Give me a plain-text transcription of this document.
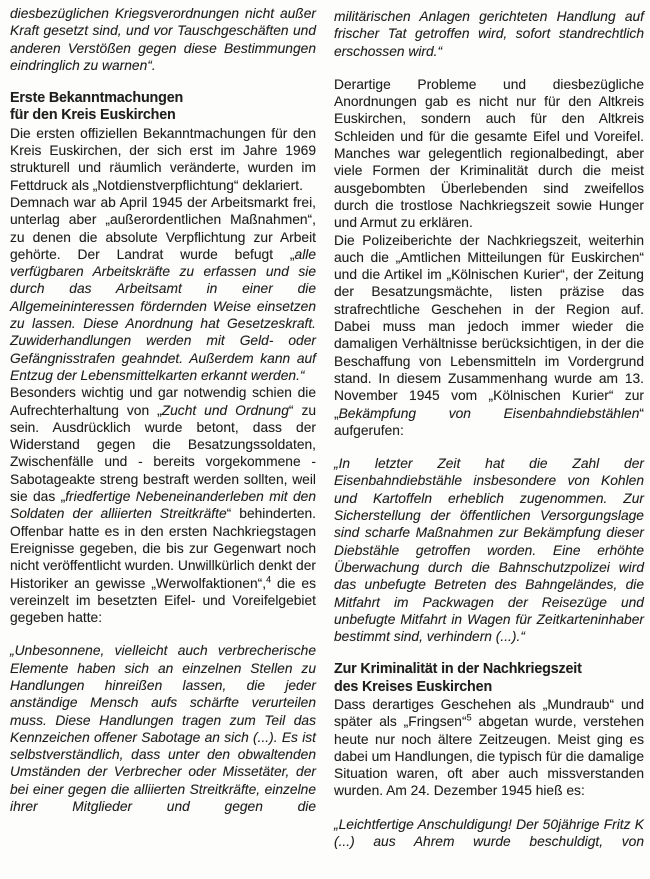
diesbezüglichen Kriegsverordnungen nicht außer Kraft gesetzt sind, und vor Tauschgeschäften und anderen Verstößen gegen diese Bestimmungen eindringlich zu warnen“.

Erste Bekanntmachungen
für den Kreis Euskirchen

Die ersten offiziellen Bekanntmachungen für den Kreis Euskirchen, der sich erst im Jahre 1969 strukturell und räumlich veränderte, wurden im Fettdruck als „Notdienstverpflichtung“ deklariert.

Demnach war ab April 1945 der Arbeitsmarkt frei, unterlag aber „außerordentlichen Maßnahmen“, zu denen die absolute Verpflichtung zur Arbeit gehörte. Der Landrat wurde befugt „alle verfügbaren Arbeitskräfte zu erfassen und sie durch das Arbeitsamt in einer die Allgemeininteressen fördernden Weise einsetzen zu lassen. Diese Anordnung hat Gesetzeskraft. Zuwiderhandlungen werden mit Geld- oder Gefängnisstrafen geahndet. Außerdem kann auf Entzug der Lebensmittelkarten erkannt werden.“

Besonders wichtig und gar notwendig schien die Aufrechterhaltung von „Zucht und Ordnung“ zu sein. Ausdrücklich wurde betont, dass der Widerstand gegen die Besatzungssoldaten, Zwischenfälle und - bereits vorgekommene - Sabotageakte streng bestraft werden sollten, weil sie das „friedfertige Nebeneinanderleben mit den Soldaten der alliierten Streitkräfte“ behinderten. Offenbar hatte es in den ersten Nachkriegstagen Ereignisse gegeben, die bis zur Gegenwart noch nicht veröffentlicht wurden. Unwillkürlich denkt der Historiker an gewisse „Werwolfaktionen“,$^4$ die es vereinzelt im besetzten Eifel- und Voreifelgebiet gegeben hatte:

„Unbesonnene, vielleicht auch verbrecherische Elemente haben sich an einzelnen Stellen zu Handlungen hinreißen lassen, die jeder anständige Mensch aufs schärfte verurteilen muss. Diese Handlungen tragen zum Teil das Kennzeichen offener Sabotage an sich (...). Es ist selbstverständlich, dass unter den obwaltenden Umständen der Verbrecher oder Missetäter, der bei einer gegen die alliierten Streitkräfte, einzelne ihrer Mitglieder und gegen die

militärischen Anlagen gerichteten Handlung auf frischer Tat getroffen wird, sofort standrechtlich erschossen wird.“

Derartige Probleme und diesbezügliche Anordnungen gab es nicht nur für den Altkreis Euskirchen, sondern auch für den Altkreis Schleiden und für die gesamte Eifel und Voreifel. Manches war gelegentlich regionalbedingt, aber viele Formen der Kriminalität durch die meist ausgebombten Überlebenden sind zweifellos durch die trostlose Nachkriegszeit sowie Hunger und Armut zu erklären.

Die Polizeiberichte der Nachkriegszeit, weiterhin auch die „Amtlichen Mitteilungen für Euskirchen“ und die Artikel im „Kölnischen Kurier“, der Zeitung der Besatzungsmächte, listen präzise das strafrechtliche Geschehen in der Region auf. Dabei muss man jedoch immer wieder die damaligen Verhältnisse berücksichtigen, in der die Beschaffung von Lebensmitteln im Vordergrund stand. In diesem Zusammenhang wurde am 13. November 1945 vom „Kölnischen Kurier“ zur „Bekämpfung von Eisenbahndiebstählen“ aufgerufen:

„In letzter Zeit hat die Zahl der Eisenbahndiebstähle insbesondere von Kohlen und Kartoffeln erheblich zugenommen. Zur Sicherstellung der öffentlichen Versorgungslage sind scharfe Maßnahmen zur Bekämpfung dieser Diebstähle getroffen worden. Eine erhöhte Überwachung durch die Bahnschutzpolizei wird das unbefugte Betreten des Bahngeländes, die Mitfahrt im Packwagen der Reisezüge und unbefugte Mitfahrt in Wagen für Zeitkarteninhaber bestimmt sind, verhindern (...).“

Zur Kriminalität in der Nachkriegszeit
des Kreises Euskirchen

Dass derartiges Geschehen als „Mundraub“ und später als „Fringsen“$^5$ abgetan wurde, verstehen heute nur noch ältere Zeitzeugen. Meist ging es dabei um Handlungen, die typisch für die damalige Situation waren, oft aber auch missverstanden wurden. Am 24. Dezember 1945 hieß es:

„Leichtfertige Anschuldigung! Der 50jährige Fritz K (...) aus Ahrem wurde beschuldigt, von
